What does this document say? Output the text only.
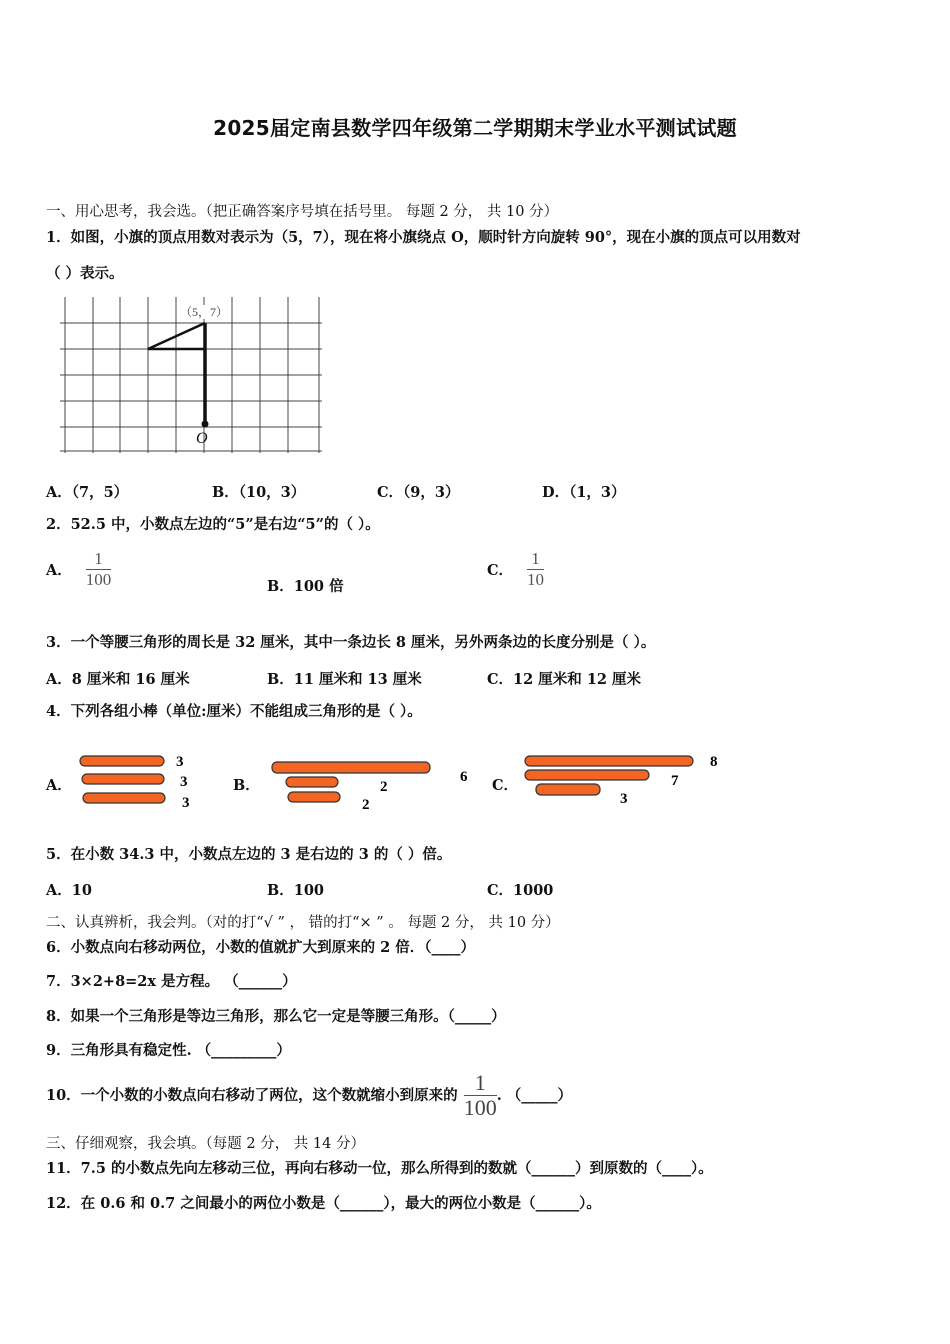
2025届定南县数学四年级第二学期期末学业水平测试试题
一、用心思考，我会选。（把正确答案序号填在括号里。 每题 2 分， 共 10 分）
1．如图，小旗的顶点用数对表示为（5，7），现在将小旗绕点 O，顺时针方向旋转 90°，现在小旗的顶点可以用数对
（ ）表示。
（5，7）
O
A．（7，5）	B．（10，3）	C．（9，3）	D．（1，3）
2．52.5 中，小数点左边的“5”是右边“5”的（ ）。
A． $\frac{1}{100}$	B．100 倍
C． $\frac{1}{10}$
3．一个等腰三角形的周长是 32 厘米，其中一条边长 8 厘米，另外两条边的长度分别是（ ）。
A．8 厘米和 16 厘米	B．11 厘米和 13 厘米	C．12 厘米和 12 厘米
4．下列各组小棒（单位:厘米）不能组成三角形的是（ ）。
A．
3
3
3
B．	6
2
2
C．
8
7
3
5．在小数 34.3 中，小数点左边的 3 是右边的 3 的（ ）倍。
A．10	B．100	C．1000
二、认真辨析，我会判。（对的打“√ ” ， 错的打“× ” 。 每题 2 分， 共 10 分）
6．小数点向右移动两位，小数的值就扩大到原来的 2 倍．（____）
7．3×2+8=2x 是方程。 （______）
8．如果一个三角形是等边三角形，那么它一定是等腰三角形。（_____）
9．三角形具有稳定性. （_________）
10．一个小数的小数点向右移动了两位，这个数就缩小到原来的 $\frac{1}{100}$ . （_____）
三、仔细观察，我会填。（每题 2 分， 共 14 分）
11．7.5 的小数点先向左移动三位，再向右移动一位，那么所得到的数就（______）到原数的（____）。
12．在 0.6 和 0.7 之间最小的两位小数是（______），最大的两位小数是（______）。
